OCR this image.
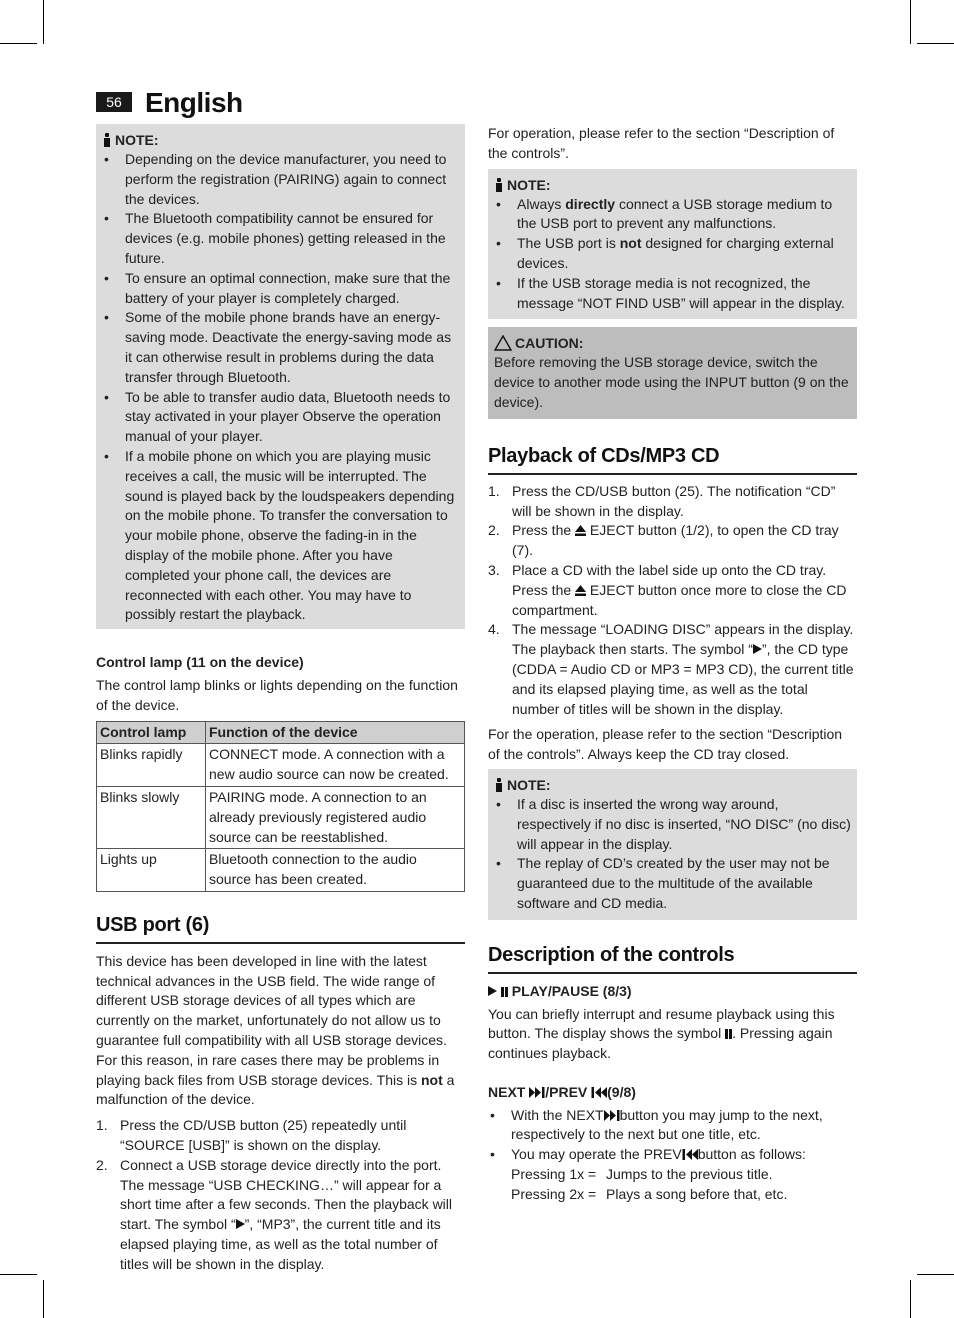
56 English
NOTE:
• Depending on the device manufacturer, you need to perform the registration (PAIRING) again to connect the devices.
• The Bluetooth compatibility cannot be ensured for devices (e.g. mobile phones) getting released in the future.
• To ensure an optimal connection, make sure that the battery of your player is completely charged.
• Some of the mobile phone brands have an energy-saving mode. Deactivate the energy-saving mode as it can otherwise result in problems during the data transfer through Bluetooth.
• To be able to transfer audio data, Bluetooth needs to stay activated in your player Observe the operation manual of your player.
• If a mobile phone on which you are playing music receives a call, the music will be interrupted. The sound is played back by the loudspeakers depending on the mobile phone. To transfer the conversation to your mobile phone, observe the fading-in in the display of the mobile phone. After you have completed your phone call, the devices are reconnected with each other. You may have to possibly restart the playback.

Control lamp (11 on the device)

The control lamp blinks or lights depending on the function of the device.

Control lamp	Function of the device
Blinks rapidly	CONNECT mode. A connection with a new audio source can now be created.
Blinks slowly	PAIRING mode. A connection to an already previously registered audio source can be reestablished.
Lights up	Bluetooth connection to the audio source has been created.
USB port (6)

This device has been developed in line with the latest technical advances in the USB field. The wide range of different USB storage devices of all types which are currently on the market, unfortunately do not allow us to guarantee full compatibility with all USB storage devices. For this reason, in rare cases there may be problems in playing back files from USB storage devices. This is not a malfunction of the device.

1. Press the CD/USB button (25) repeatedly until “SOURCE [USB]” is shown on the display.
2. Connect a USB storage device directly into the port. The message “USB CHECKING…” will appear for a short time after a few seconds. Then the playback will start. The symbol “ ”, “MP3”, the current title and its elapsed playing time, as well as the total number of titles will be shown in the display.

For operation, please refer to the section “Description of the controls”.

NOTE:
• Always directly connect a USB storage medium to the USB port to prevent any malfunctions.
• The USB port is not designed for charging external devices.
• If the USB storage media is not recognized, the message “NOT FIND USB” will appear in the display.
CAUTION:

Before removing the USB storage device, switch the device to another mode using the INPUT button (9 on the device).

Playback of CDs/MP3 CD
1. Press the CD/USB button (25). The notification “CD” will be shown in the display.
2. Press the EJECT button (1/2), to open the CD tray (7).
3. Place a CD with the label side up onto the CD tray. Press the EJECT button once more to close the CD compartment.
4. The message “LOADING DISC” appears in the display. The playback then starts. The symbol “ ”, the CD type (CDDA = Audio CD or MP3 = MP3 CD), the current title and its elapsed playing time, as well as the total number of titles will be shown in the display.

For the operation, please refer to the section “Description of the controls”. Always keep the CD tray closed.

NOTE:
• If a disc is inserted the wrong way around, respectively if no disc is inserted, “NO DISC” (no disc) will appear in the display.
• The replay of CD’s created by the user may not be guaranteed due to the multitude of the available software and CD media.
Description of the controls

PLAY/PAUSE (8/3)

You can briefly interrupt and resume playback using this button. The display shows the symbol . Pressing again continues playback.

NEXT /PREV (9/8)

• With the NEXT button you may jump to the next, respectively to the next but one title, etc.
• You may operate the PREV button as follows:
Pressing 1x = Jumps to the previous title.
Pressing 2x = Plays a song before that, etc.
